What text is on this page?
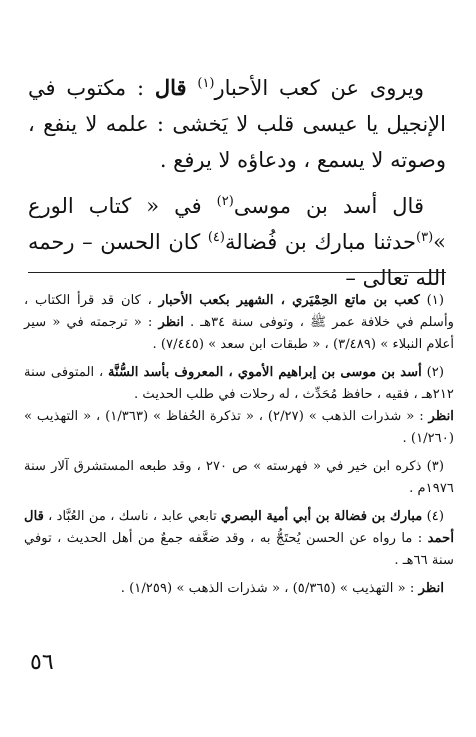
ويروى عن كعب الأحبار$^{(١)}$ قال : مكتوب في الإنجيل يا عيسى قلب لا يَخشى : علمه لا ينفع ، وصوته لا يسمع ، ودعاؤه لا يرفع .

قال أسد بن موسى$^{(٢)}$ في « كتاب الورع »$^{(٣)}$حدثنا مبارك بن فُضالة$^{(٤)}$ كان الحسن – رحمه الله تعالى –

(١) كعب بن ماتع الحِمْيَري ، الشهير بكعب الأحبار ، كان قد قرأ الكتاب ، وأسلم في خلافة عمر ﷺ ، وتوفى سنة ٣٤هـ . انظر : « ترجمته في « سير أعلام النبلاء » (٣/٤٨٩) ، « طبقات ابن سعد » (٧/٤٤٥) .

(٢) أسد بن موسى بن إبراهيم الأموي ، المعروف بأسد السُّنَّة ، المتوفى سنة ٢١٢هـ ، فقيه ، حافظ مُحَدِّث ، له رحلات في طلب الحديث .
انظر : « شذرات الذهب » (٢/٢٧) ، « تذكرة الحُفاظ » (١/٣٦٣) ، « التهذيب » (١/٢٦٠) .

(٣) ذكره ابن خير في « فهرسته » ص ٢٧٠ ، وقد طبعه المستشرق آلار سنة ١٩٧٦م .

(٤) مبارك بن فضالة بن أبي أمية البصري تابعي عابد ، ناسك ، من العُبَّاد ، قال أحمد : ما رواه عن الحسن يُحتَجُّ به ، وقد ضعَّفه جمعٌ من أهل الحديث ، توفي سنة ٦٦هـ .

انظر : « التهذيب » (٥/٣٦٥) ، « شذرات الذهب » (١/٢٥٩) .

٥٦
